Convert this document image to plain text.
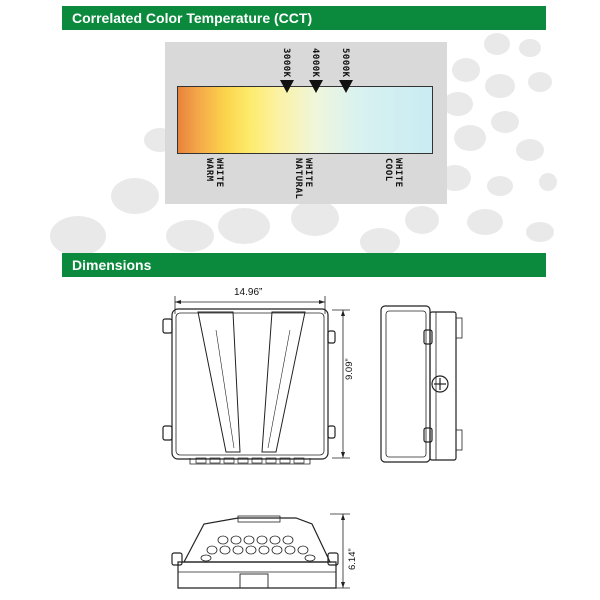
Correlated Color Temperature (CCT)
3000K 4000K 5000K
WARM WHITE	NATURAL WHITE	COOL WHITE
Dimensions
14.96”
9.09”
6.14”
